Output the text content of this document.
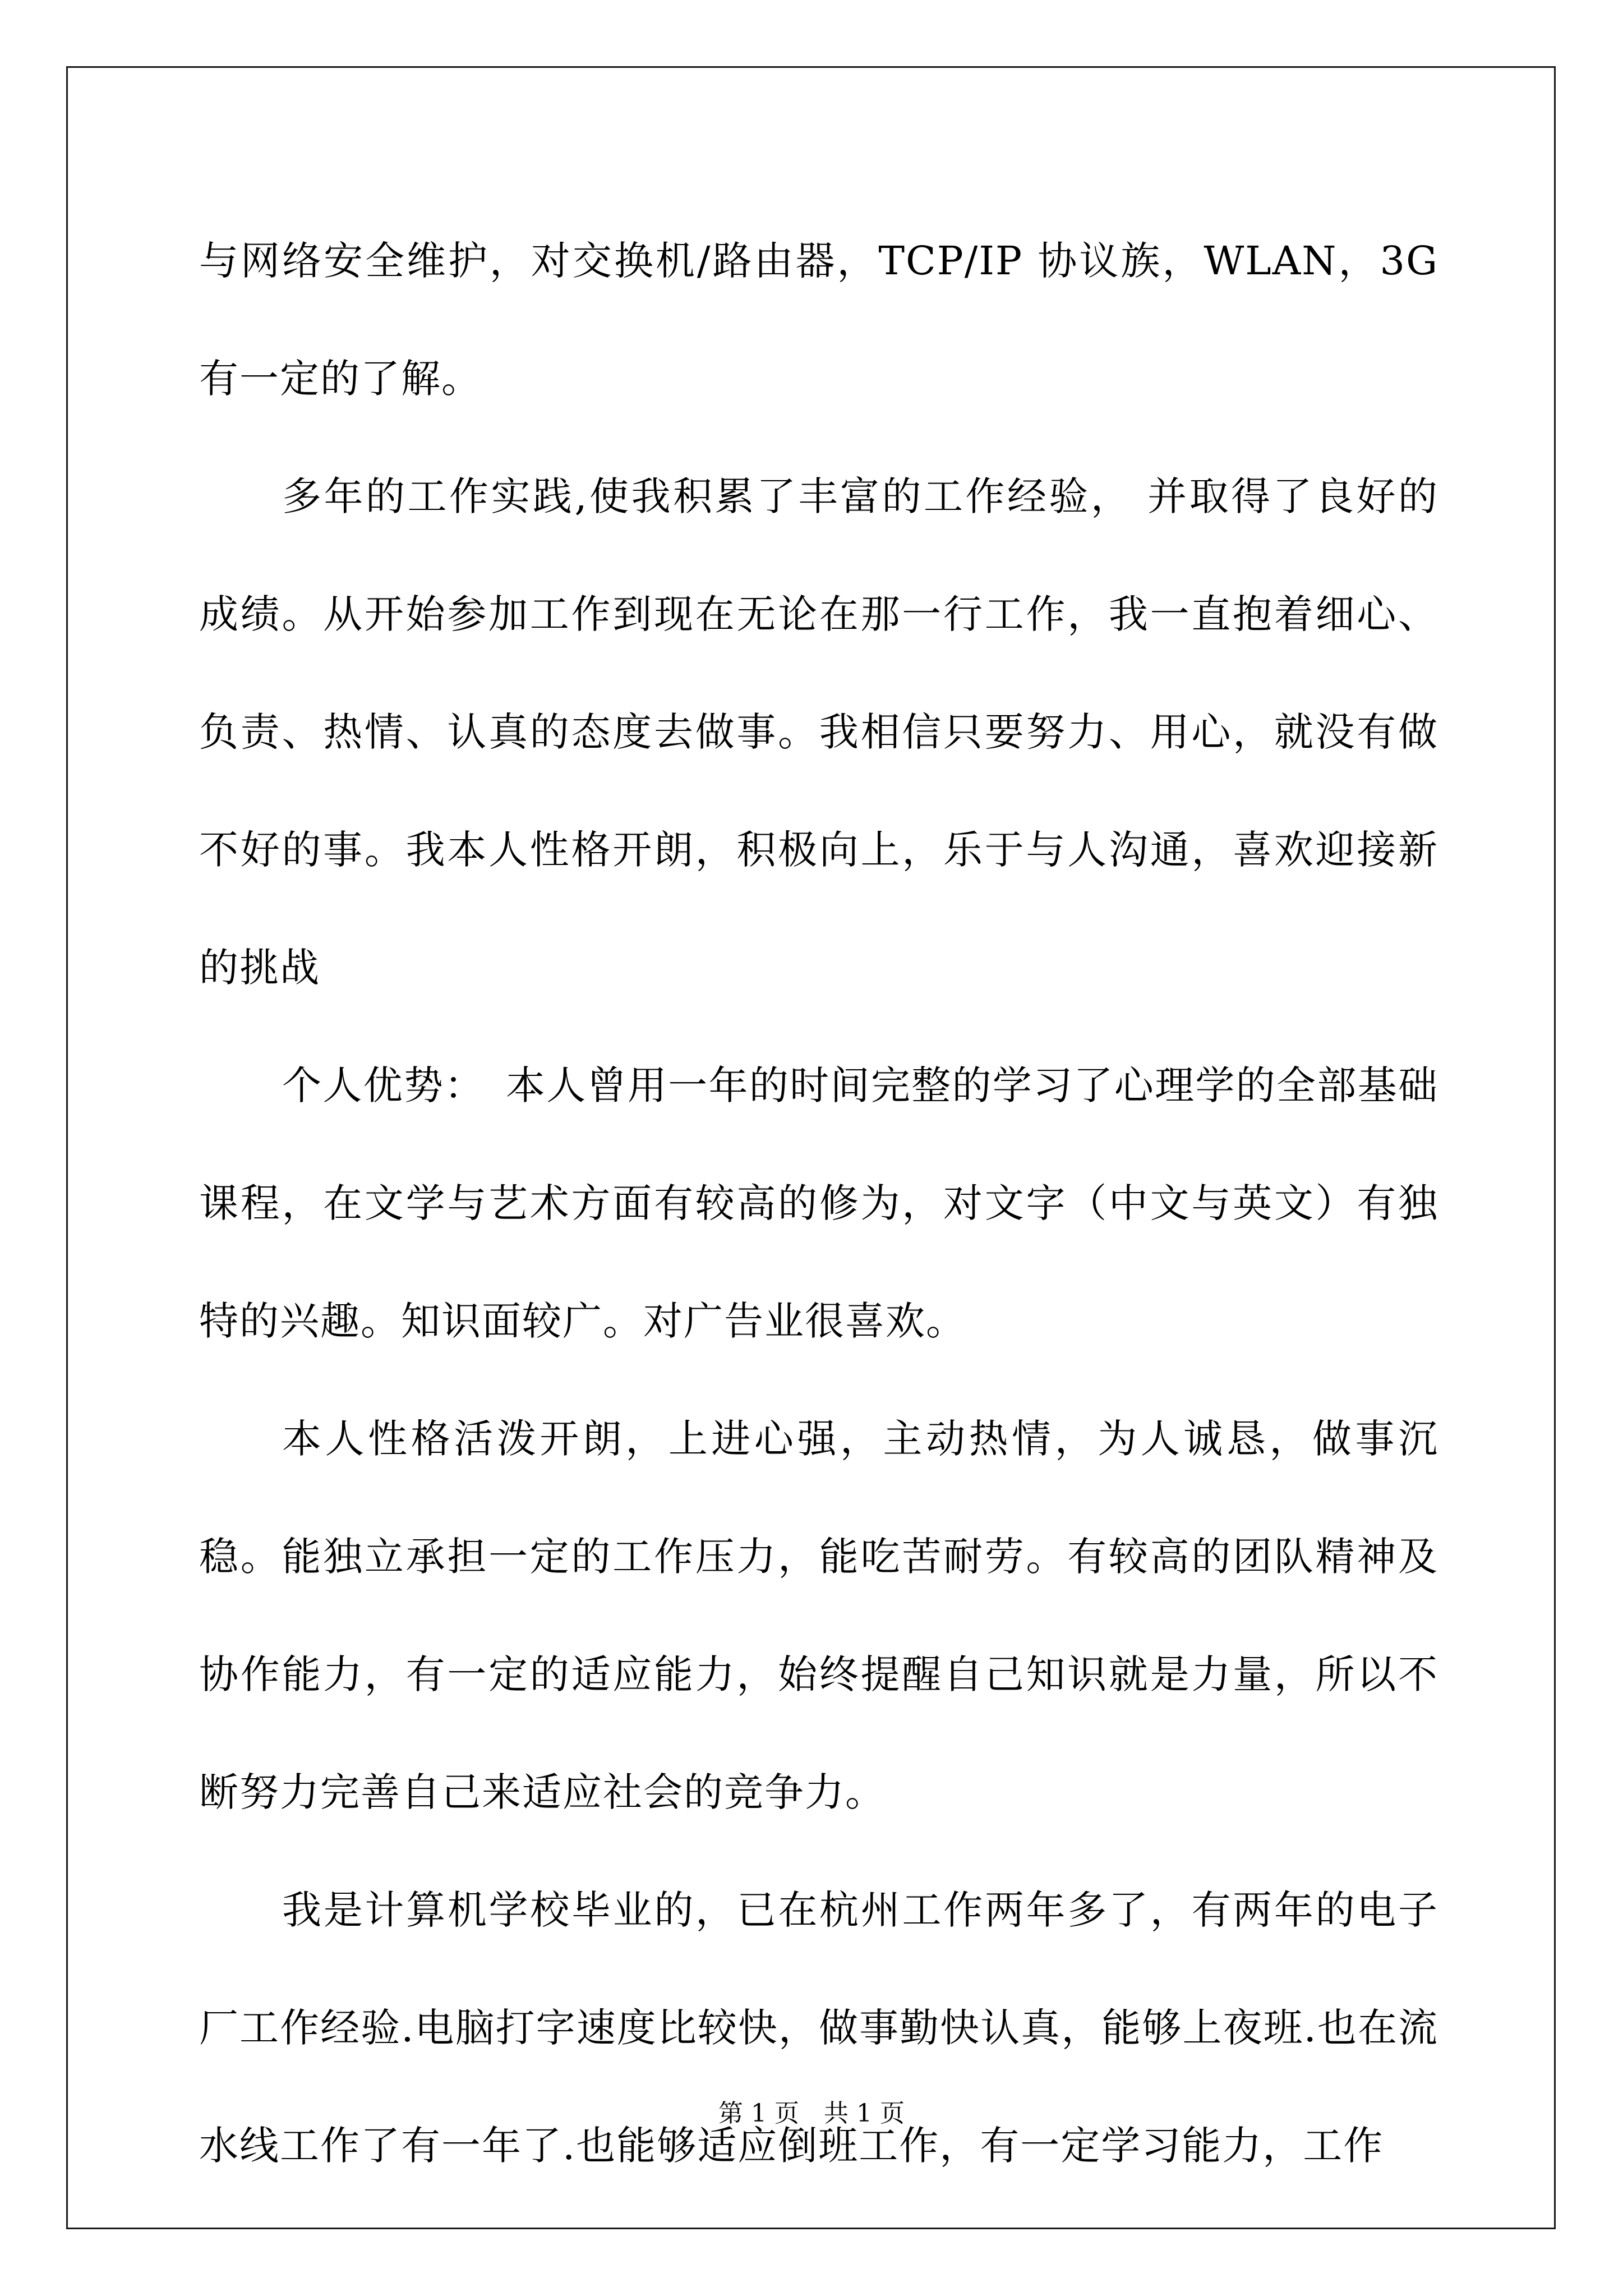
与网络安全维护，对交换机/路由器，TCP/IP 协议族，WLAN，3G 有一定的了解。

多年的工作实践,使我积累了丰富的工作经验， 并取得了良好的成绩。从开始参加工作到现在无论在那一行工作，我一直抱着细心、负责、热情、认真的态度去做事。我相信只要努力、用心，就没有做不好的事。我本人性格开朗，积极向上，乐于与人沟通，喜欢迎接新的挑战

个人优势：　本人曾用一年的时间完整的学习了心理学的全部基础课程，在文学与艺术方面有较高的修为，对文字（中文与英文）有独特的兴趣。知识面较广。对广告业很喜欢。

本人性格活泼开朗，上进心强，主动热情，为人诚恳，做事沉稳。能独立承担一定的工作压力，能吃苦耐劳。有较高的团队精神及协作能力，有一定的适应能力，始终提醒自己知识就是力量，所以不断努力完善自己来适应社会的竞争力。

我是计算机学校毕业的，已在杭州工作两年多了，有两年的电子厂工作经验.电脑打字速度比较快，做事勤快认真，能够上夜班.也在流水线工作了有一年了.也能够适应倒班工作，有一定学习能力，工作

第 1 页　共 1 页
